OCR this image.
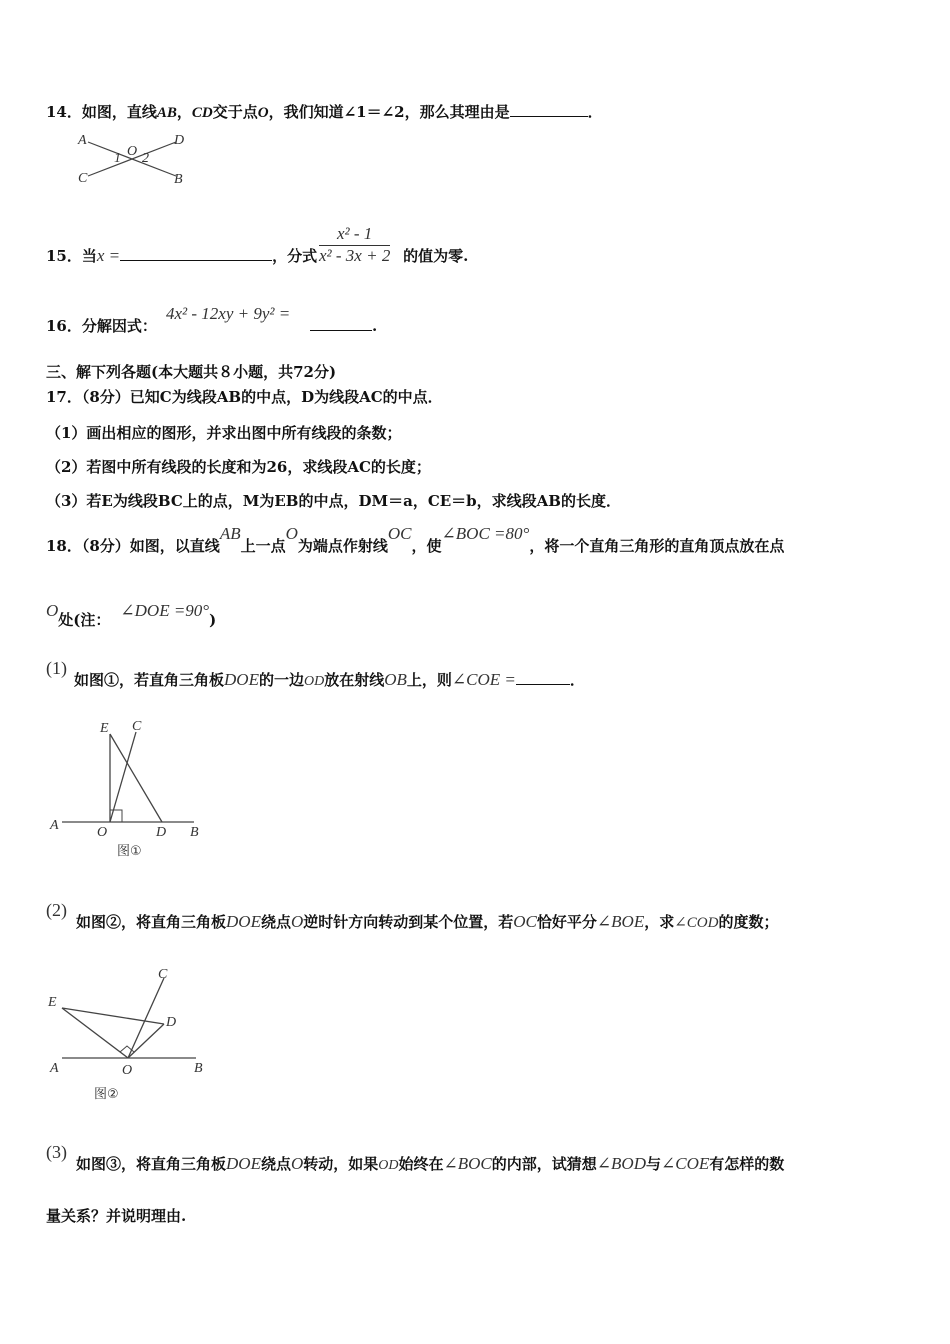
14．如图，直线AB，CD交于点O，我们知道∠1＝∠2，那么其理由是	．
A	D
O
1 2
C	B
15．当x =	，分式	的值为零.
$\frac{\text{x² - 1}}{\text{x² - 3x + 2}}$
16．分解因式：
4x² - 12xy + 9y² =
.
三、解下列各题(本大题共８小题，共72分)
17．（8分）已知C为线段AB的中点，D为线段AC的中点．
（1）画出相应的图形，并求出图中所有线段的条数；
（2）若图中所有线段的长度和为26，求线段AC的长度；
（3）若E为线段BC上的点，M为EB的中点，DM＝a，CE＝b，求线段AB的长度．
18．（8分）如图，以直线AB上一点O为端点作射线OC，使∠BOC =80°，将一个直角三角形的直角顶点放在点
O处(注： ∠DOE =90°)
(1)
如图①，若直角三角板DOE的一边OD放在射线OB上，则∠COE =	．
E C
A	O	D B
图①
(2)
如图②，将直角三角板DOE绕点O逆时针方向转动到某个位置，若OC恰好平分∠BOE，求∠COD的度数；
C
E
D
A	O	B
图②
(3)
如图③，将直角三角板DOE绕点O转动，如果OD始终在∠BOC的内部，试猜想∠BOD与∠COE有怎样的数
量关系？并说明理由.
